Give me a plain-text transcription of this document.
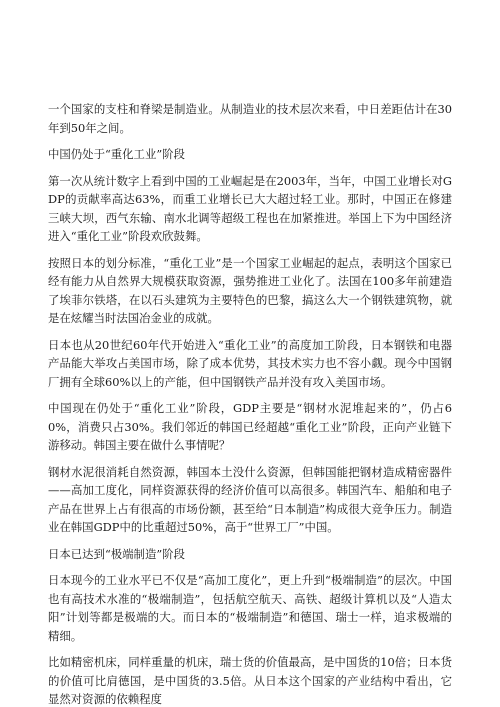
一个国家的支柱和脊梁是制造业。从制造业的技术层次来看，中日差距估计在30年到50年之间。

中国仍处于“重化工业”阶段

第一次从统计数字上看到中国的工业崛起是在2003年，当年，中国工业增长对GDP的贡献率高达63%，而重工业增长已大大超过轻工业。那时，中国正在修建三峡大坝，西气东输、南水北调等超级工程也在加紧推进。举国上下为中国经济进入“重化工业”阶段欢欣鼓舞。

按照日本的划分标准，“重化工业”是一个国家工业崛起的起点，表明这个国家已经有能力从自然界大规模获取资源，强势推进工业化了。法国在100多年前建造了埃菲尔铁塔，在以石头建筑为主要特色的巴黎，搞这么大一个钢铁建筑物，就是在炫耀当时法国冶金业的成就。

日本也从20世纪60年代开始进入“重化工业”的高度加工阶段，日本钢铁和电器产品能大举攻占美国市场，除了成本优势，其技术实力也不容小觑。现今中国钢厂拥有全球60%以上的产能，但中国钢铁产品并没有攻入美国市场。

中国现在仍处于“重化工业”阶段，GDP主要是“钢材水泥堆起来的”，仍占60%，消费只占30%。我们邻近的韩国已经超越“重化工业”阶段，正向产业链下游移动。韩国主要在做什么事情呢？

钢材水泥很消耗自然资源，韩国本土没什么资源，但韩国能把钢材造成精密器件——高加工度化，同样资源获得的经济价值可以高很多。韩国汽车、船舶和电子产品在世界上占有很高的市场份额，甚至给“日本制造”构成很大竞争压力。制造业在韩国GDP中的比重超过50%，高于“世界工厂”中国。

日本已达到“极端制造”阶段

日本现今的工业水平已不仅是“高加工度化”，更上升到“极端制造”的层次。中国也有高技术水准的“极端制造”，包括航空航天、高铁、超级计算机以及“人造太阳”计划等都是极端的大。而日本的“极端制造”和德国、瑞士一样，追求极端的精细。

比如精密机床，同样重量的机床，瑞士货的价值最高，是中国货的10倍；日本货的价值可比肩德国，是中国货的3.5倍。从日本这个国家的产业结构中看出，它显然对资源的依赖程度
